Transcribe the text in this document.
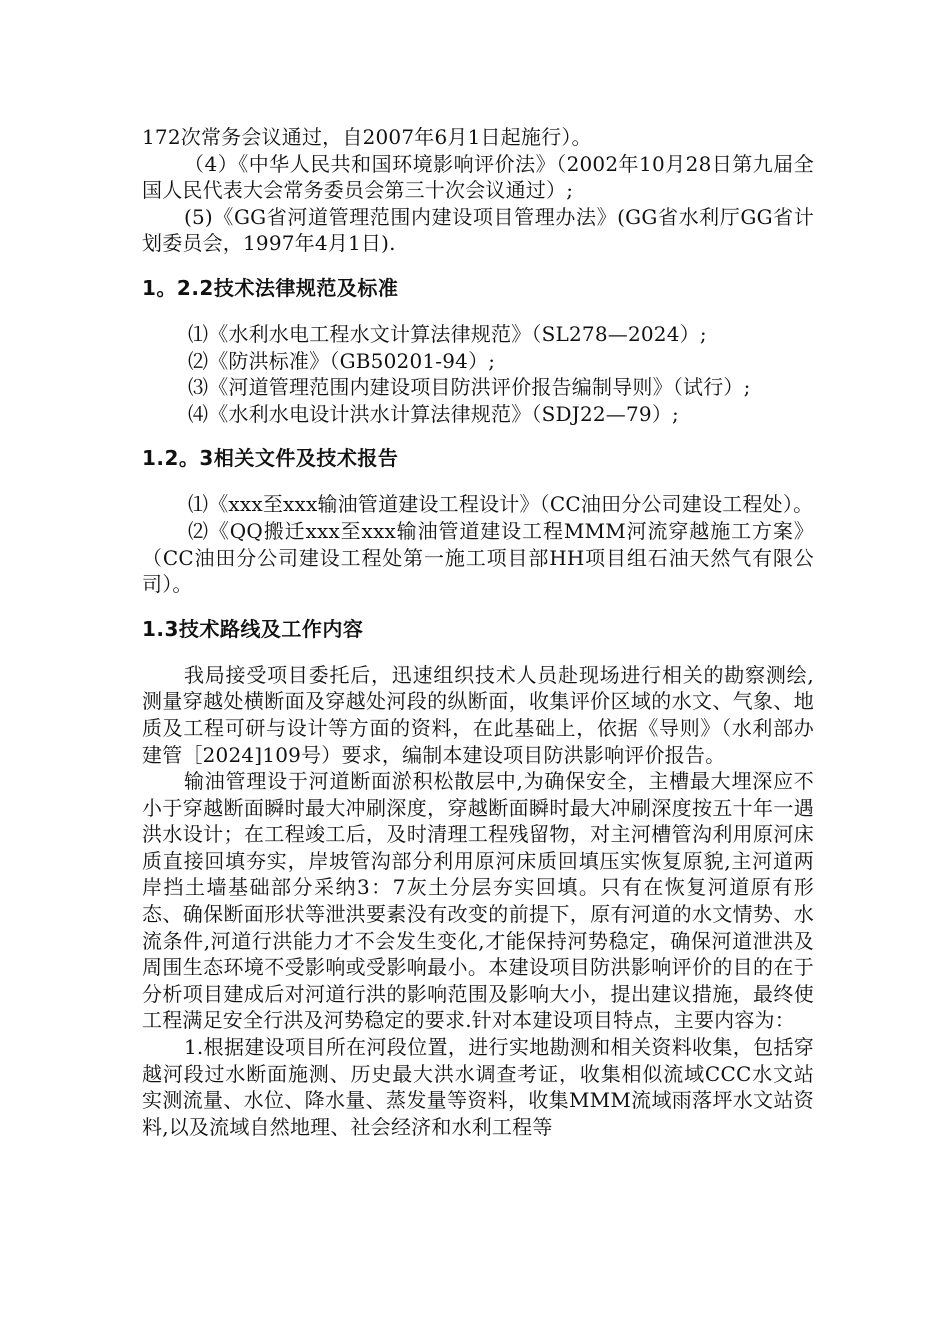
172次常务会议通过，自2007年6月1日起施行）。

（4）《中华人民共和国环境影响评价法》（2002年10月28日第九届全国人民代表大会常务委员会第三十次会议通过）;

(5)《GG省河道管理范围内建设项目管理办法》(GG省水利厅GG省计划委员会，1997年4月1日).

1。2.2技术法律规范及标准

⑴《水利水电工程水文计算法律规范》（SL278—2024）;

⑵《防洪标准》（GB50201-94）;

⑶《河道管理范围内建设项目防洪评价报告编制导则》（试行）;

⑷《水利水电设计洪水计算法律规范》（SDJ22—79）;

1.2。3相关文件及技术报告

⑴《xxx至xxx输油管道建设工程设计》（CC油田分公司建设工程处）。

⑵《QQ搬迁xxx至xxx输油管道建设工程MMM河流穿越施工方案》（CC油田分公司建设工程处第一施工项目部HH项目组石油天然气有限公司）。

1.3技术路线及工作内容

我局接受项目委托后，迅速组织技术人员赴现场进行相关的勘察测绘,测量穿越处横断面及穿越处河段的纵断面，收集评价区域的水文、气象、地质及工程可研与设计等方面的资料，在此基础上，依据《导则》（水利部办建管［2024]109号）要求，编制本建设项目防洪影响评价报告。

输油管理设于河道断面淤积松散层中,为确保安全，主槽最大埋深应不小于穿越断面瞬时最大冲刷深度，穿越断面瞬时最大冲刷深度按五十年一遇洪水设计；在工程竣工后，及时清理工程残留物，对主河槽管沟利用原河床质直接回填夯实，岸坡管沟部分利用原河床质回填压实恢复原貌,主河道两岸挡土墙基础部分采纳3：7灰土分层夯实回填。只有在恢复河道原有形态、确保断面形状等泄洪要素没有改变的前提下，原有河道的水文情势、水流条件,河道行洪能力才不会发生变化,才能保持河势稳定，确保河道泄洪及周围生态环境不受影响或受影响最小。本建设项目防洪影响评价的目的在于分析项目建成后对河道行洪的影响范围及影响大小，提出建议措施，最终使工程满足安全行洪及河势稳定的要求.针对本建设项目特点，主要内容为：

1.根据建设项目所在河段位置，进行实地勘测和相关资料收集，包括穿越河段过水断面施测、历史最大洪水调查考证，收集相似流域CCC水文站实测流量、水位、降水量、蒸发量等资料，收集MMM流域雨落坪水文站资料,以及流域自然地理、社会经济和水利工程等
